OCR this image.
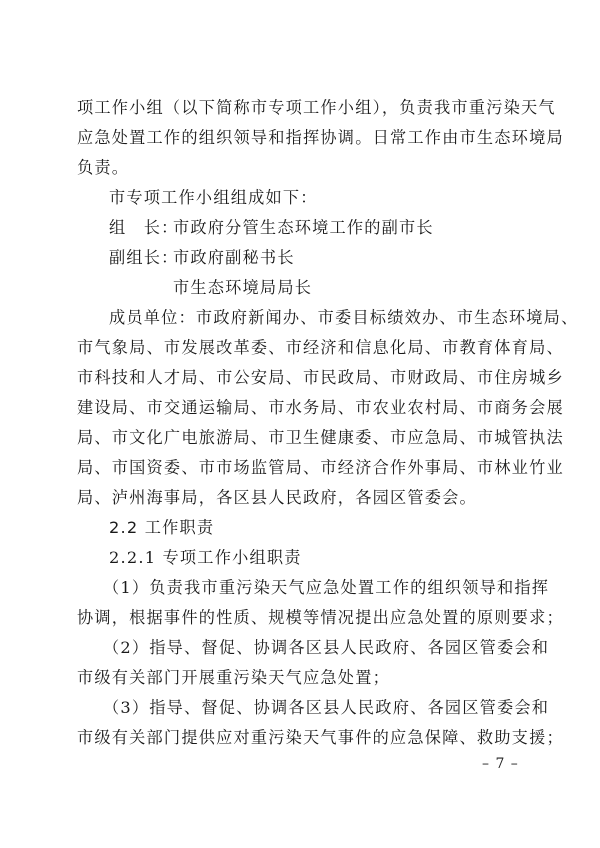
项工作小组（以下简称市专项工作小组），负责我市重污染天气
应急处置工作的组织领导和指挥协调。日常工作由市生态环境局
负责。
市专项工作小组组成如下：
组　长：
市政府分管生态环境工作的副市长
副组长：
市政府副秘书长
市生态环境局局长
成员单位：市政府新闻办、市委目标绩效办、市生态环境局、
市气象局、市发展改革委、市经济和信息化局、市教育体育局、
市科技和人才局、市公安局、市民政局、市财政局、市住房城乡
建设局、市交通运输局、市水务局、市农业农村局、市商务会展
局、市文化广电旅游局、市卫生健康委、市应急局、市城管执法
局、市国资委、市市场监管局、市经济合作外事局、市林业竹业
局、泸州海事局，各区县人民政府，各园区管委会。
2.2 工作职责
2.2.1 专项工作小组职责
（1）负责我市重污染天气应急处置工作的组织领导和指挥
协调，根据事件的性质、规模等情况提出应急处置的原则要求；
（2）指导、督促、协调各区县人民政府、各园区管委会和
市级有关部门开展重污染天气应急处置；
（3）指导、督促、协调各区县人民政府、各园区管委会和
市级有关部门提供应对重污染天气事件的应急保障、救助支援；
– 7 –
